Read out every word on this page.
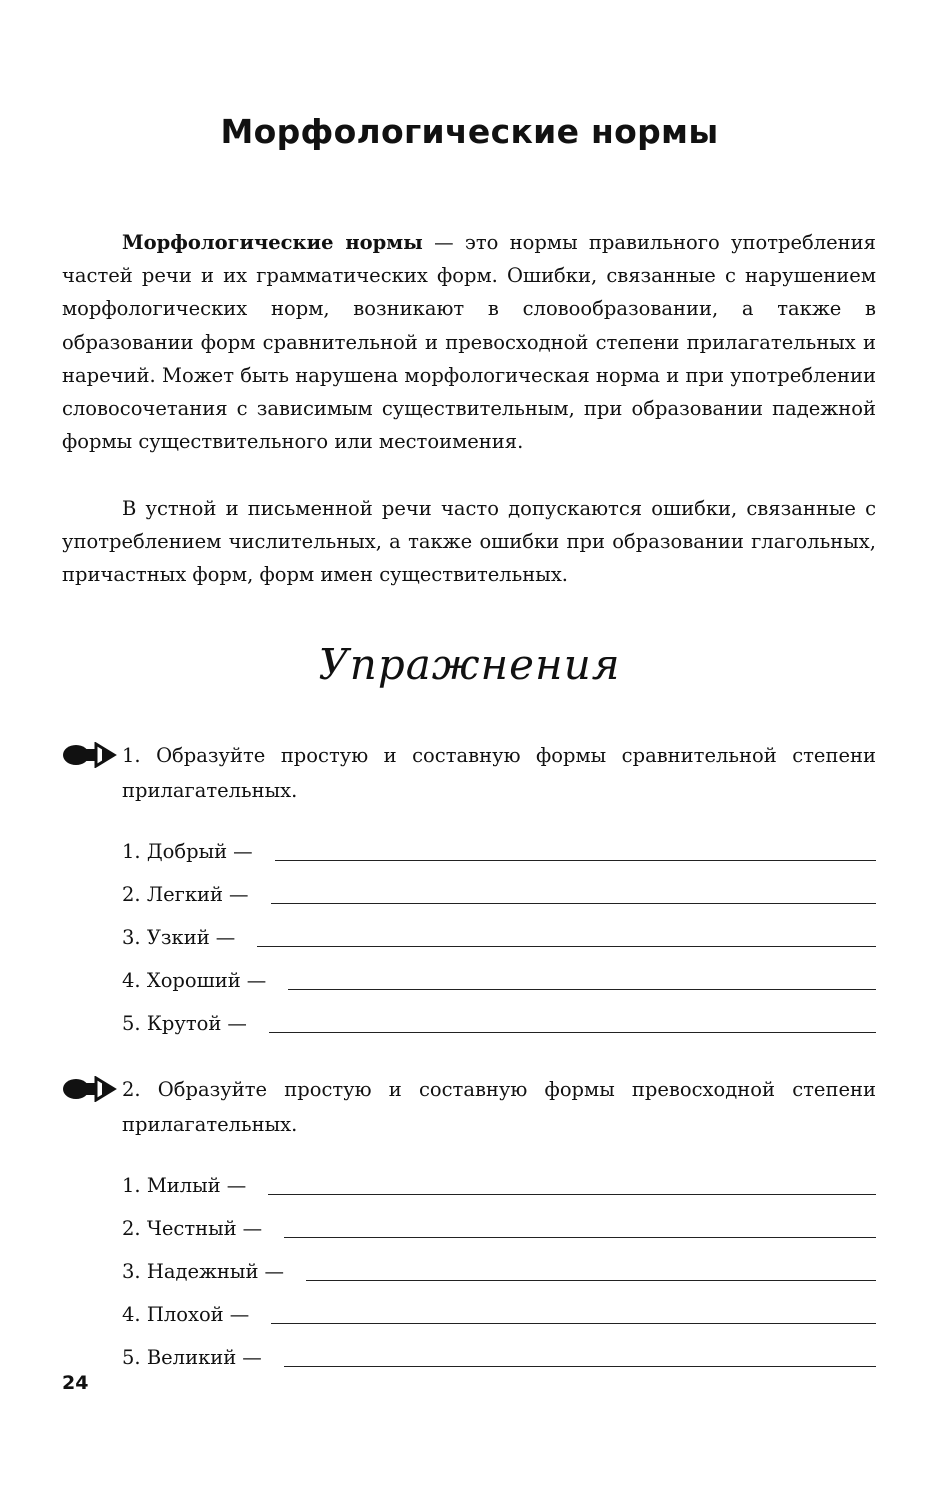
Морфологические нормы

Морфологические нормы — это нормы правильного употребления частей речи и их грамматических форм. Ошибки, связанные с нарушением морфологических норм, возникают в словообразовании, а также в образовании форм сравнительной и превосходной степени прилагательных и наречий. Может быть нарушена морфологическая норма и при употреблении словосочетания с зависимым существительным, при образовании падежной формы существительного или местоимения.

В устной и письменной речи часто допускаются ошибки, связанные с употреблением числительных, а также ошибки при образовании глагольных, причастных форм, форм имен существительных.

Упражнения

1. Образуйте простую и составную формы сравнительной степени прилагательных.

1.
Добрый —
2.
Легкий —
3.
Узкий —
4.
Хороший —
5.
Крутой —

2. Образуйте простую и составную формы превосходной степени прилагательных.

1.
Милый —
2.
Честный —
3.
Надежный —
4.
Плохой —
5.
Великий —
24
